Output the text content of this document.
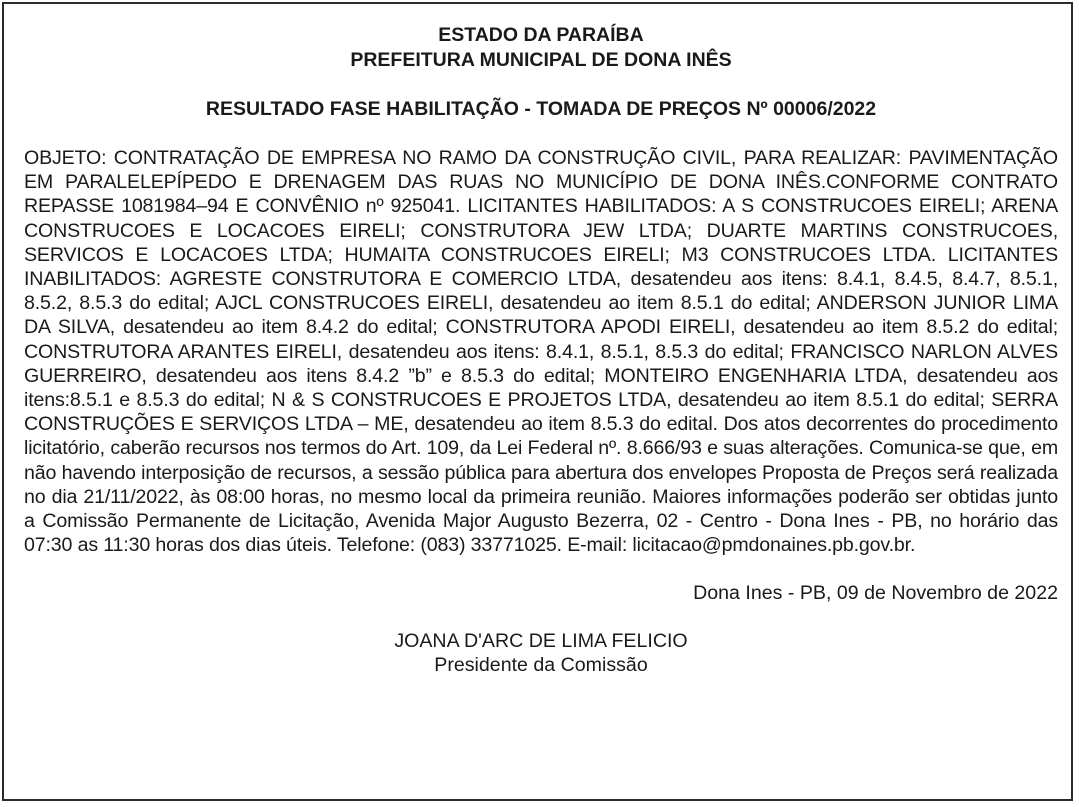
ESTADO DA PARAÍBA
PREFEITURA MUNICIPAL DE DONA INÊS
RESULTADO FASE HABILITAÇÃO - TOMADA DE PREÇOS Nº 00006/2022
OBJETO: CONTRATAÇÃO DE EMPRESA NO RAMO DA CONSTRUÇÃO CIVIL, PARA REALIZAR: PAVIMENTAÇÃO EM PARALELEPÍPEDO E DRENAGEM DAS RUAS NO MUNICÍPIO DE DONA INÊS.CONFORME CONTRATO REPASSE 1081984–94 E CONVÊNIO nº 925041. LICITANTES HABILITADOS: A S CONSTRUCOES EIRELI; ARENA CONSTRUCOES E LOCACOES EIRELI; CONSTRUTORA JEW LTDA; DUARTE MARTINS CONSTRUCOES, SERVICOS E LOCACOES LTDA; HUMAITA CONSTRUCOES EIRELI; M3 CONSTRUCOES LTDA. LICITANTES INABILITADOS: AGRESTE CONSTRUTORA E COMERCIO LTDA, desatendeu aos itens: 8.4.1, 8.4.5, 8.4.7, 8.5.1, 8.5.2, 8.5.3 do edital; AJCL CONSTRUCOES EIRELI, desatendeu ao item 8.5.1 do edital; ANDERSON JUNIOR LIMA DA SILVA, desatendeu ao item 8.4.2 do edital; CONSTRUTORA APODI EIRELI, desatendeu ao item 8.5.2 do edital; CONSTRUTORA ARANTES EIRELI, desatendeu aos itens: 8.4.1, 8.5.1, 8.5.3 do edital; FRANCISCO NARLON ALVES GUERREIRO, desatendeu aos itens 8.4.2 ”b” e 8.5.3 do edital; MONTEIRO ENGENHARIA LTDA, desatendeu aos itens:8.5.1 e 8.5.3 do edital; N & S CONSTRUCOES E PROJETOS LTDA, desatendeu ao item 8.5.1 do edital; SERRA CONSTRUÇÕES E SERVIÇOS LTDA – ME, desatendeu ao item 8.5.3 do edital. Dos atos decorrentes do procedimento licitatório, caberão recursos nos termos do Art. 109, da Lei Federal nº. 8.666/93 e suas alterações. Comunica-se que, em não havendo interposição de recursos, a sessão pública para abertura dos envelopes Proposta de Preços será realizada no dia 21/11/2022, às 08:00 horas, no mesmo local da primeira reunião. Maiores informações poderão ser obtidas junto a Comissão Permanente de Licitação, Avenida Major Augusto Bezerra, 02 - Centro - Dona Ines - PB, no horário das 07:30 as 11:30 horas dos dias úteis. Telefone: (083) 33771025. E-mail: licitacao@pmdonaines.pb.gov.br.
Dona Ines - PB, 09 de Novembro de 2022
JOANA D'ARC DE LIMA FELICIO
Presidente da Comissão
